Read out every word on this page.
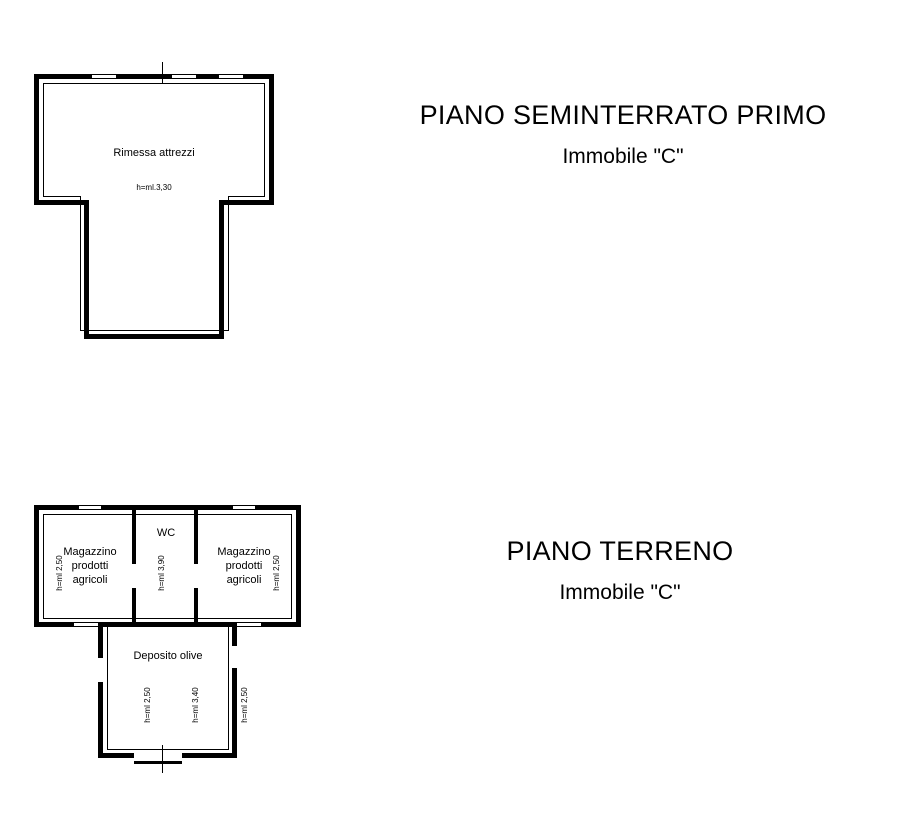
PIANO SEMINTERRATO PRIMO
Immobile "C"
PIANO TERRENO
Immobile "C"
Rimessa attrezzi
h=ml.3,30
Magazzino
prodotti
agricoli
WC
Magazzino
prodotti
agricoli
h=ml 2,50	h=ml 3,90	h=ml 2,50
Deposito olive
h=ml 2,50	h=ml 3,40	h=ml 2,50
